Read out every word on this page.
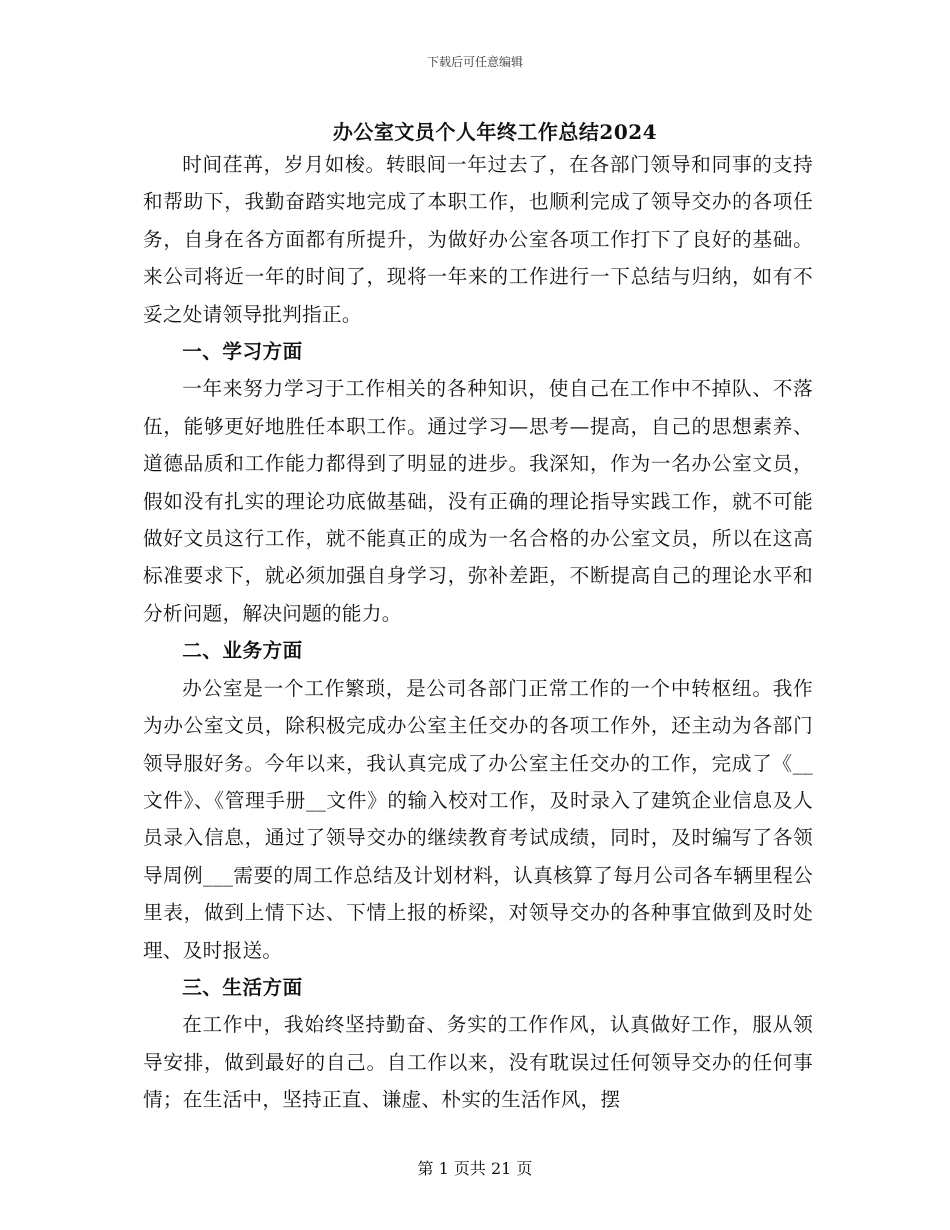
下载后可任意编辑
办公室文员个人年终工作总结2024

时间荏苒，岁月如梭。转眼间一年过去了，在各部门领导和同事的支持和帮助下，我勤奋踏实地完成了本职工作，也顺利完成了领导交办的各项任务，自身在各方面都有所提升，为做好办公室各项工作打下了良好的基础。来公司将近一年的时间了，现将一年来的工作进行一下总结与归纳，如有不妥之处请领导批判指正。

一、学习方面

一年来努力学习于工作相关的各种知识，使自己在工作中不掉队、不落伍，能够更好地胜任本职工作。通过学习—思考—提高，自己的思想素养、道德品质和工作能力都得到了明显的进步。我深知，作为一名办公室文员，假如没有扎实的理论功底做基础，没有正确的理论指导实践工作，就不可能做好文员这行工作，就不能真正的成为一名合格的办公室文员，所以在这高标准要求下，就必须加强自身学习，弥补差距，不断提高自己的理论水平和分析问题，解决问题的能力。

二、业务方面

办公室是一个工作繁琐，是公司各部门正常工作的一个中转枢纽。我作为办公室文员，除积极完成办公室主任交办的各项工作外，还主动为各部门领导服好务。今年以来，我认真完成了办公室主任交办的工作，完成了《__文件》、《管理手册__文件》的输入校对工作，及时录入了建筑企业信息及人员录入信息，通过了领导交办的继续教育考试成绩，同时，及时编写了各领导周例___需要的周工作总结及计划材料，认真核算了每月公司各车辆里程公里表，做到上情下达、下情上报的桥梁，对领导交办的各种事宜做到及时处理、及时报送。

三、生活方面

在工作中，我始终坚持勤奋、务实的工作作风，认真做好工作，服从领导安排，做到最好的自己。自工作以来，没有耽误过任何领导交办的任何事情；在生活中，坚持正直、谦虚、朴实的生活作风，摆

第 1 页共 21 页
